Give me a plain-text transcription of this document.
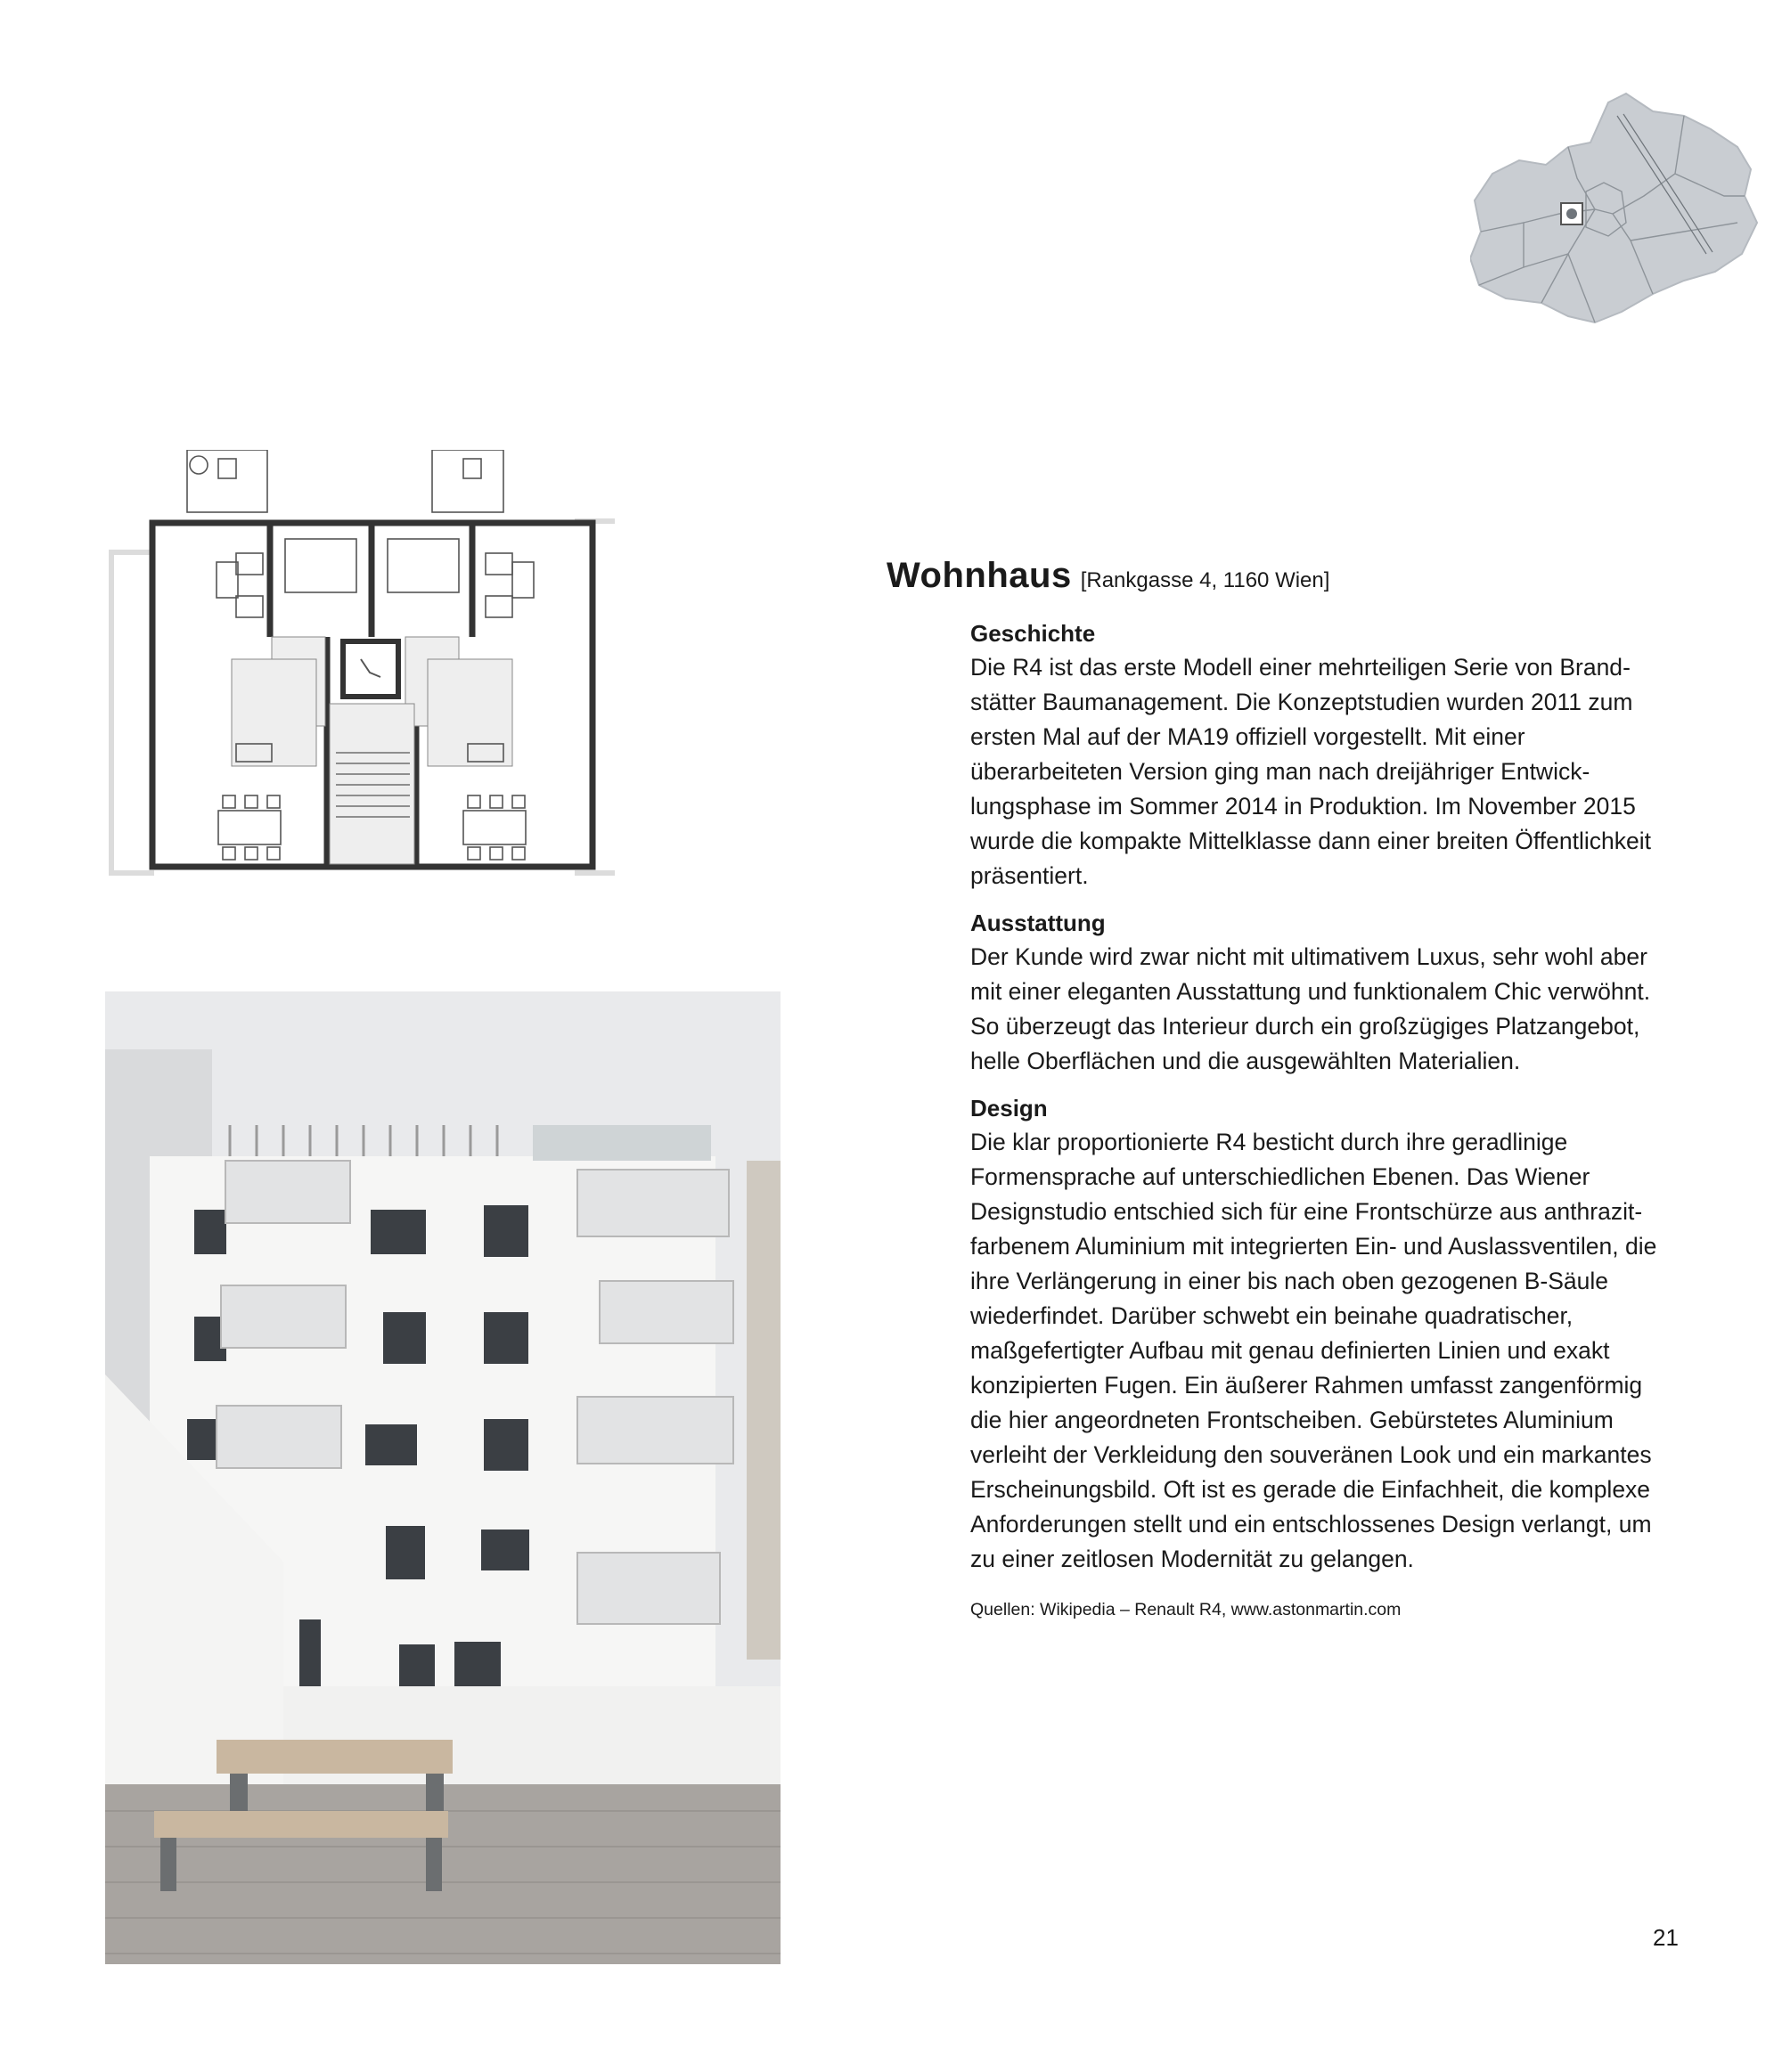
Wohnhaus [Rankgasse 4, 1160 Wien]

Geschichte

Die R4 ist das erste Modell einer mehrteiligen Serie von Brandstätter Baumanagement. Die Konzeptstudien wurden 2011 zum ersten Mal auf der MA19 offiziell vorgestellt. Mit einer überarbeiteten Version ging man nach dreijähriger Entwicklungsphase im Sommer 2014 in Produktion. Im November 2015 wurde die kompakte Mittelklasse dann einer breiten Öffentlichkeit präsentiert.

Ausstattung

Der Kunde wird zwar nicht mit ultimativem Luxus, sehr wohl aber mit einer eleganten Ausstattung und funktionalem Chic verwöhnt. So überzeugt das Interieur durch ein großzügiges Platzangebot, helle Oberflächen und die ausgewählten Materialien.

Design

Die klar proportionierte R4 besticht durch ihre geradlinige Formensprache auf unterschiedlichen Ebenen. Das Wiener Designstudio entschied sich für eine Frontschürze aus anthrazitfarbenem Aluminium mit integrierten Ein- und Auslassventilen, die ihre Verlängerung in einer bis nach oben gezogenen B-Säule wiederfindet. Darüber schwebt ein beinahe quadratischer, maßgefertigter Aufbau mit genau definierten Linien und exakt konzipierten Fugen. Ein äußerer Rahmen umfasst zangenförmig die hier angeordneten Frontscheiben. Gebürstetes Aluminium verleiht der Verkleidung den souveränen Look und ein markantes Erscheinungsbild. Oft ist es gerade die Einfachheit, die komplexe Anforderungen stellt und ein entschlossenes Design verlangt, um zu einer zeitlosen Modernität zu gelangen.

Quellen: Wikipedia – Renault R4, www.astonmartin.com
21
